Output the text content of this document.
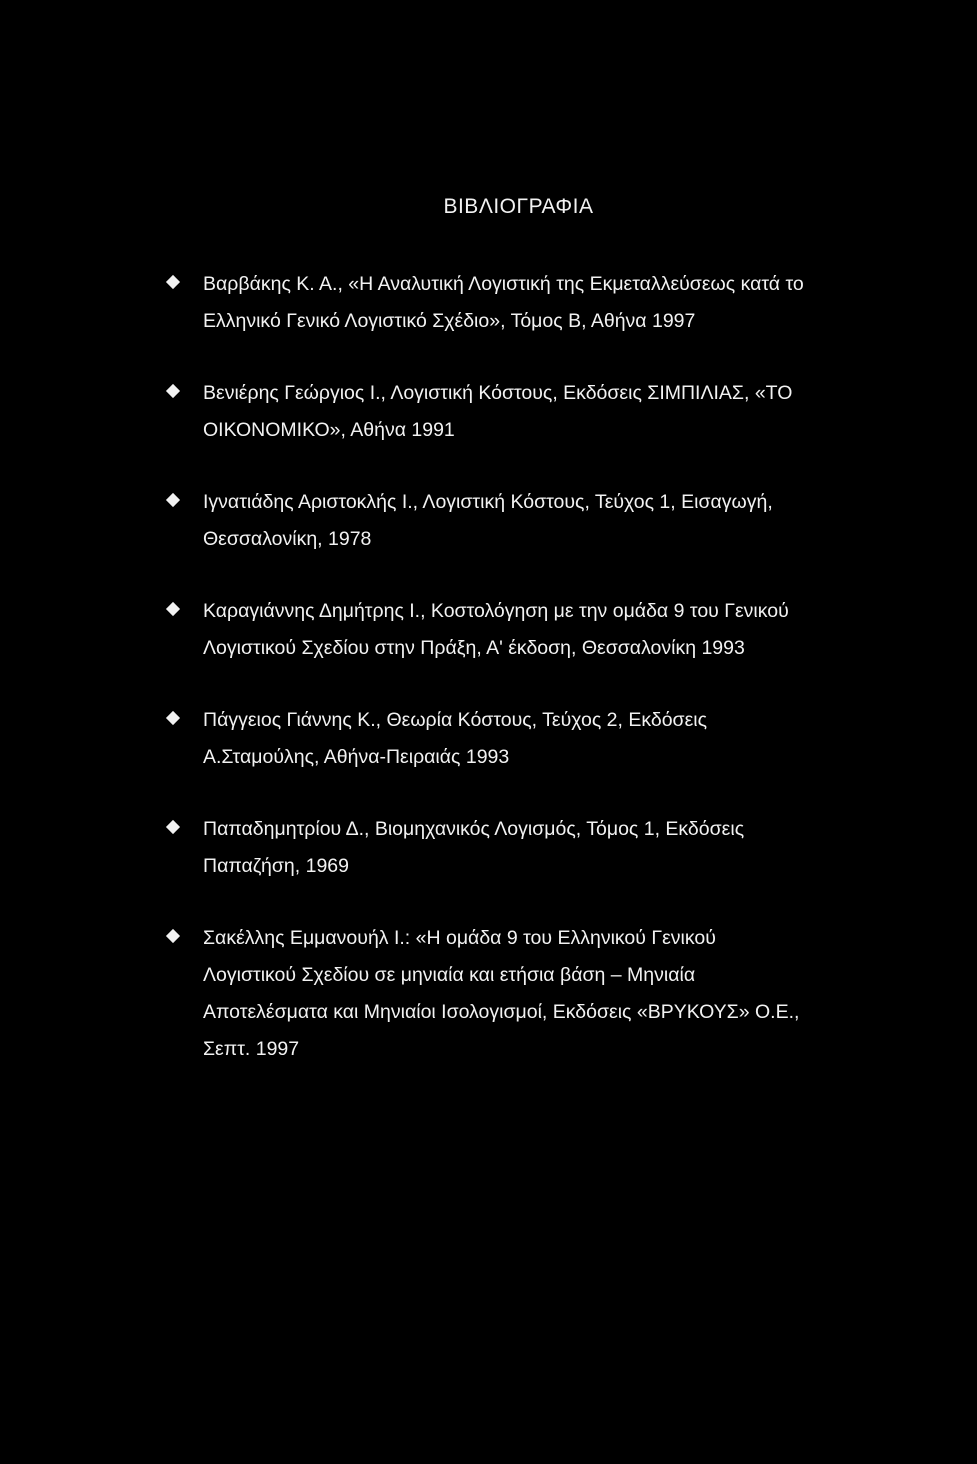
ΒΙΒΛΙΟΓΡΑΦΙΑ
Βαρβάκης Κ. Α., «Η Αναλυτική Λογιστική της Εκμεταλλεύσεως κατά το
Ελληνικό Γενικό Λογιστικό Σχέδιο», Τόμος Β, Αθήνα 1997
Βενιέρης Γεώργιος Ι., Λογιστική Κόστους, Εκδόσεις ΣΙΜΠΙΛΙΑΣ, «ΤΟ
ΟΙΚΟΝΟΜΙΚΟ», Αθήνα 1991
Ιγνατιάδης Αριστοκλής Ι., Λογιστική Κόστους, Τεύχος 1, Εισαγωγή,
Θεσσαλονίκη, 1978
Καραγιάννης Δημήτρης Ι., Κοστολόγηση με την ομάδα 9 του Γενικού
Λογιστικού Σχεδίου στην Πράξη, Α' έκδοση, Θεσσαλονίκη 1993
Πάγγειος Γιάννης Κ., Θεωρία Κόστους, Τεύχος 2, Εκδόσεις
Α.Σταμούλης, Αθήνα-Πειραιάς 1993
Παπαδημητρίου Δ., Βιομηχανικός Λογισμός, Τόμος 1, Εκδόσεις
Παπαζήση, 1969
Σακέλλης Εμμανουήλ Ι.: «Η ομάδα 9 του Ελληνικού Γενικού
Λογιστικού Σχεδίου σε μηνιαία και ετήσια βάση – Μηνιαία
Αποτελέσματα και Μηνιαίοι Ισολογισμοί, Εκδόσεις «ΒΡΥΚΟΥΣ» Ο.Ε.,
Σεπτ. 1997
